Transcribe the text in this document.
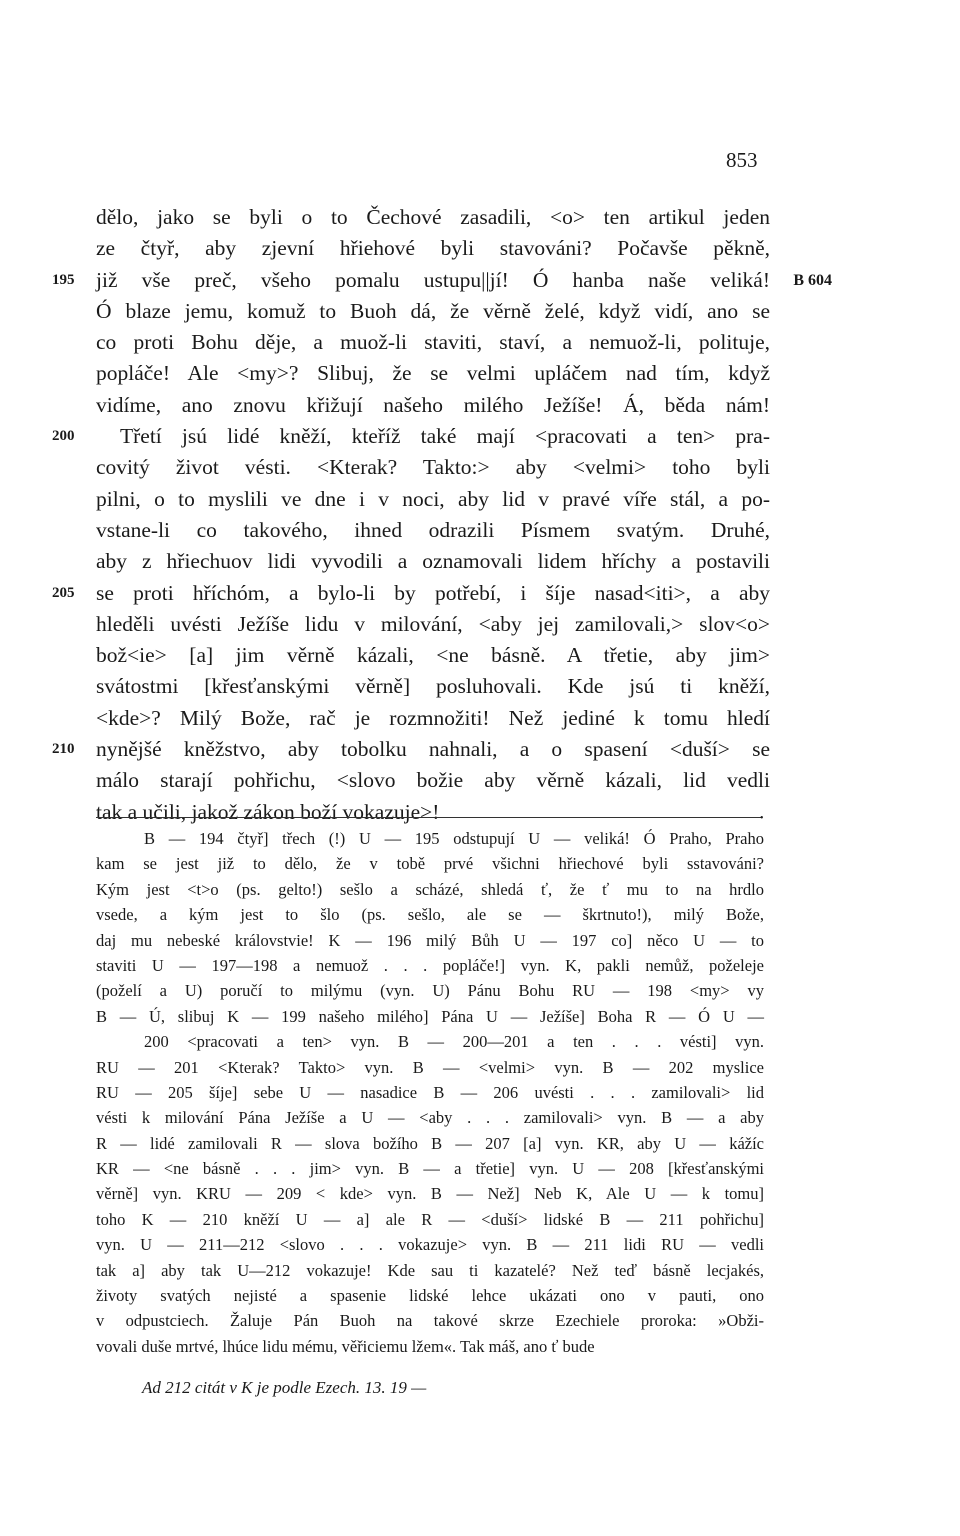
853
dělo, jako se byli o to Čechové zasadili, <o> ten artikul jeden
ze čtyř, aby zjevní hřiehové byli stavováni? Počavše pěkně,
již vše preč, všeho pomalu ustupu||jí! Ó hanba naše veliká!
195	B 604
Ó blaze jemu, komuž to Buoh dá, že věrně želé, když vidí, ano se
co proti Bohu děje, a muož-li staviti, staví, a nemuož-li, polituje,
popláče! Ale <my>? Slibuj, že se velmi upláčem nad tím, když
vidíme, ano znovu křižují našeho milého Ježíše! Á, běda nám!
Třetí jsú lidé kněží, kteříž také mají <pracovati a ten> pra-
200
covitý život vésti. <Kterak? Takto:> aby <velmi> toho byli
pilni, o to myslili ve dne i v noci, aby lid v pravé víře stál, a po-
vstane-li co takového, ihned odrazili Písmem svatým. Druhé,
aby z hřiechuov lidi vyvodili a oznamovali lidem hříchy a postavili
se proti hříchóm, a bylo-li by potřebí, i šíje nasad<iti>, a aby
205
hleděli uvésti Ježíše lidu v milování, <aby jej zamilovali,> slov<o>
bož<ie> [a] jim věrně kázali, <ne básně. A třetie, aby jim>
svátostmi [křesťanskými věrně] posluhovali. Kde jsú ti kněží,
<kde>? Milý Bože, rač je rozmnožiti! Než jediné k tomu hledí
nynějšé kněžstvo, aby tobolku nahnali, a o spasení <duší> se
210
málo starají pohřichu, <slovo božie aby věrně kázali, lid vedli
tak a učili, jakož zákon boží vokazuje>!	•
B — 194 čtyř] třech (!) U — 195 odstupují U — veliká! Ó Praho, Praho
kam se jest již to dělo, že v tobě prvé všichni hřiechové byli sstavováni?
Kým jest <t>o (ps. gelto!) sešlo a scházé, shledá ť, že ť mu to na hrdlo
vsede, a kým jest to šlo (ps. sešlo, ale se — škrtnuto!), milý Bože,
daj mu nebeské královstvie! K — 196 milý Bůh U — 197 co] něco U — to
staviti U — 197—198 a nemuož . . . popláče!] vyn. K, pakli nemůž, poželeje
(poželí a U) poručí to milýmu (vyn. U) Pánu Bohu RU — 198 <my> vy
B — Ú, slibuj K — 199 našeho milého] Pána U — Ježíše] Boha R — Ó U —
200 <pracovati a ten> vyn. B — 200—201 a ten . . . vésti] vyn.
RU — 201 <Kterak? Takto> vyn. B — <velmi> vyn. B — 202 myslice
RU — 205 šíje] sebe U — nasadice B — 206 uvésti . . . zamilovali> lid
vésti k milování Pána Ježíše a U — <aby . . . zamilovali> vyn. B — a aby
R — lidé zamilovali R — slova božího B — 207 [a] vyn. KR, aby U — kážíc
KR — <ne básně . . . jim> vyn. B — a třetie] vyn. U — 208 [křesťanskými
věrně] vyn. KRU — 209 < kde> vyn. B — Než] Neb K, Ale U — k tomu]
toho K — 210 kněží U — a] ale R — <duší> lidské B — 211 pohřichu]
vyn. U — 211—212 <slovo . . . vokazuje> vyn. B — 211 lidi RU — vedli
tak a] aby tak U—212 vokazuje! Kde sau ti kazatelé? Než teď básně lecjakés,
životy svatých nejisté a spasenie lidské lehce ukázati ono v pauti, ono
v odpustciech. Žaluje Pán Buoh na takové skrze Ezechiele proroka: »Obži-
vovali duše mrtvé, lhúce lidu mému, věřiciemu lžem«. Tak máš, ano ť bude
Ad 212 citát v K je podle Ezech. 13. 19 —
